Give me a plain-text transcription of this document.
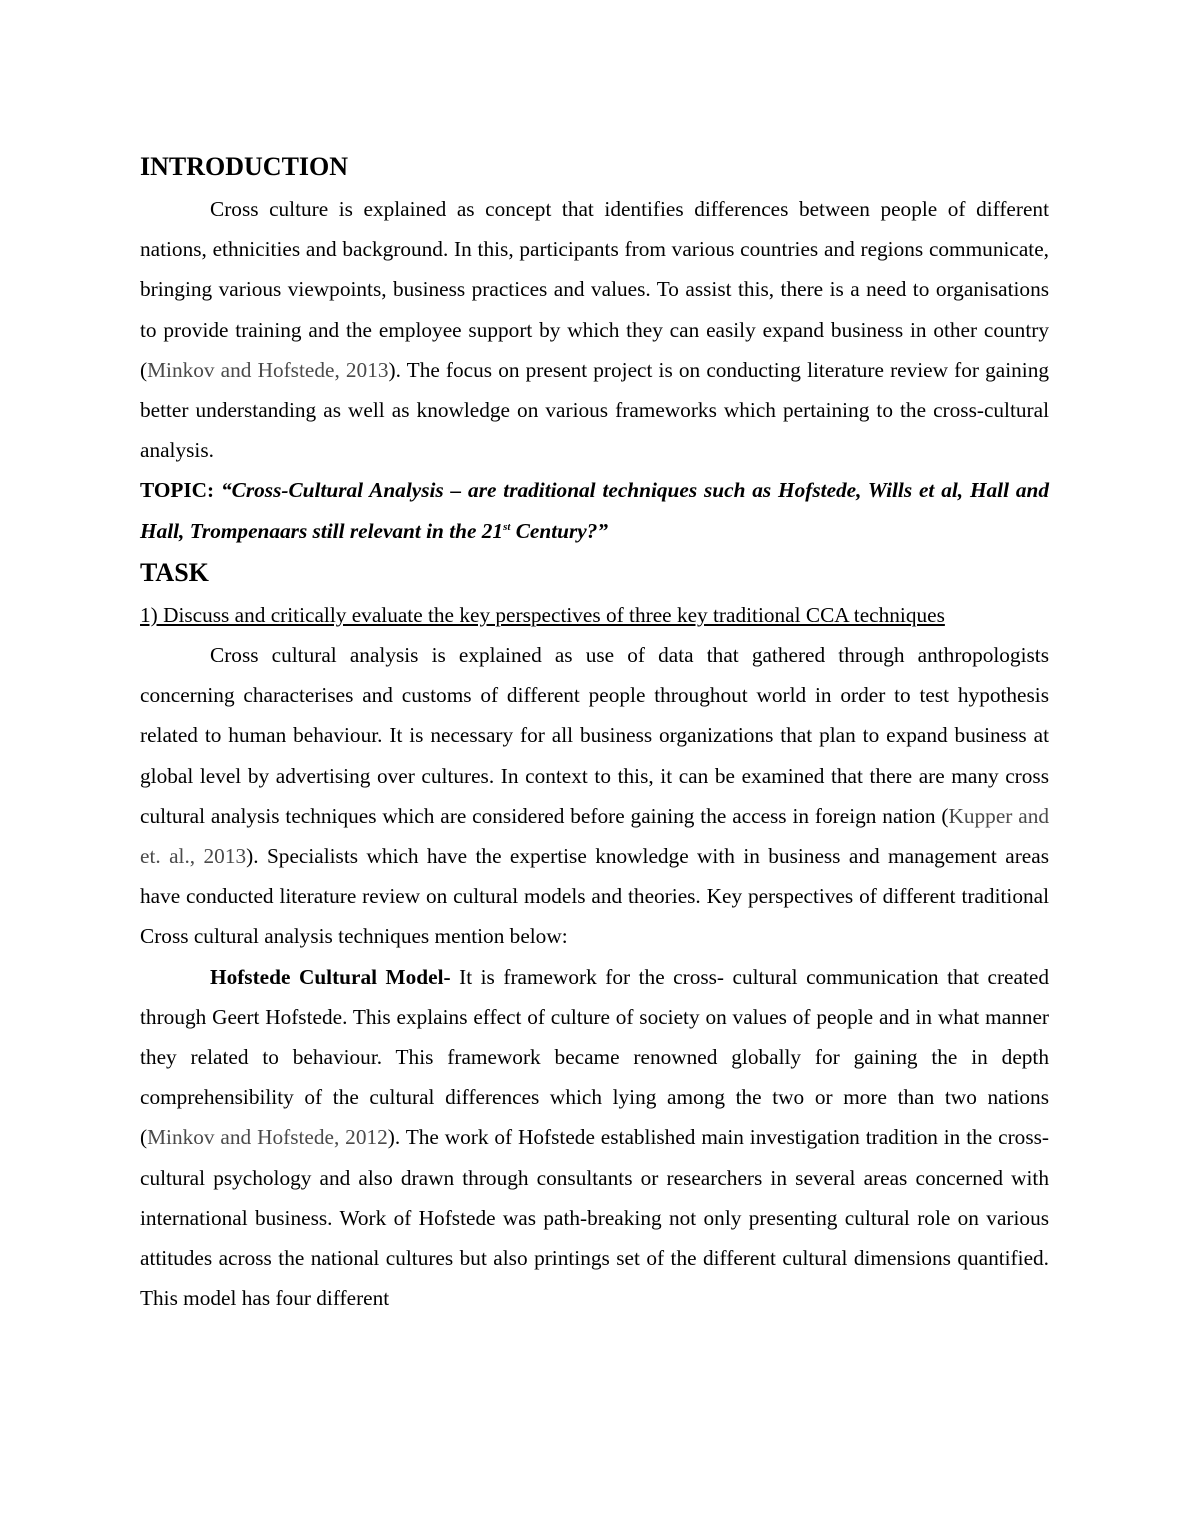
INTRODUCTION

Cross culture is explained as concept that identifies differences between people of different nations, ethnicities and background. In this, participants from various countries and regions communicate, bringing various viewpoints, business practices and values. To assist this, there is a need to organisations to provide training and the employee support by which they can easily expand business in other country (Minkov and Hofstede, 2013). The focus on present project is on conducting literature review for gaining better understanding as well as knowledge on various frameworks which pertaining to the cross-cultural analysis.

TOPIC: “Cross-Cultural Analysis – are traditional techniques such as Hofstede, Wills et al, Hall and Hall, Trompenaars still relevant in the 21st Century?”

TASK

1) Discuss and critically evaluate the key perspectives of three key traditional CCA techniques

Cross cultural analysis is explained as use of data that gathered through anthropologists concerning characterises and customs of different people throughout world in order to test hypothesis related to human behaviour. It is necessary for all business organizations that plan to expand business at global level by advertising over cultures. In context to this, it can be examined that there are many cross cultural analysis techniques which are considered before gaining the access in foreign nation (Kupper and et. al., 2013). Specialists which have the expertise knowledge with in business and management areas have conducted literature review on cultural models and theories. Key perspectives of different traditional Cross cultural analysis techniques mention below:

Hofstede Cultural Model- It is framework for the cross- cultural communication that created through Geert Hofstede. This explains effect of culture of society on values of people and in what manner they related to behaviour. This framework became renowned globally for gaining the in depth comprehensibility of the cultural differences which lying among the two or more than two nations (Minkov and Hofstede, 2012). The work of Hofstede established main investigation tradition in the cross- cultural psychology and also drawn through consultants or researchers in several areas concerned with international business. Work of Hofstede was path-breaking not only presenting cultural role on various attitudes across the national cultures but also printings set of the different cultural dimensions quantified. This model has four different
